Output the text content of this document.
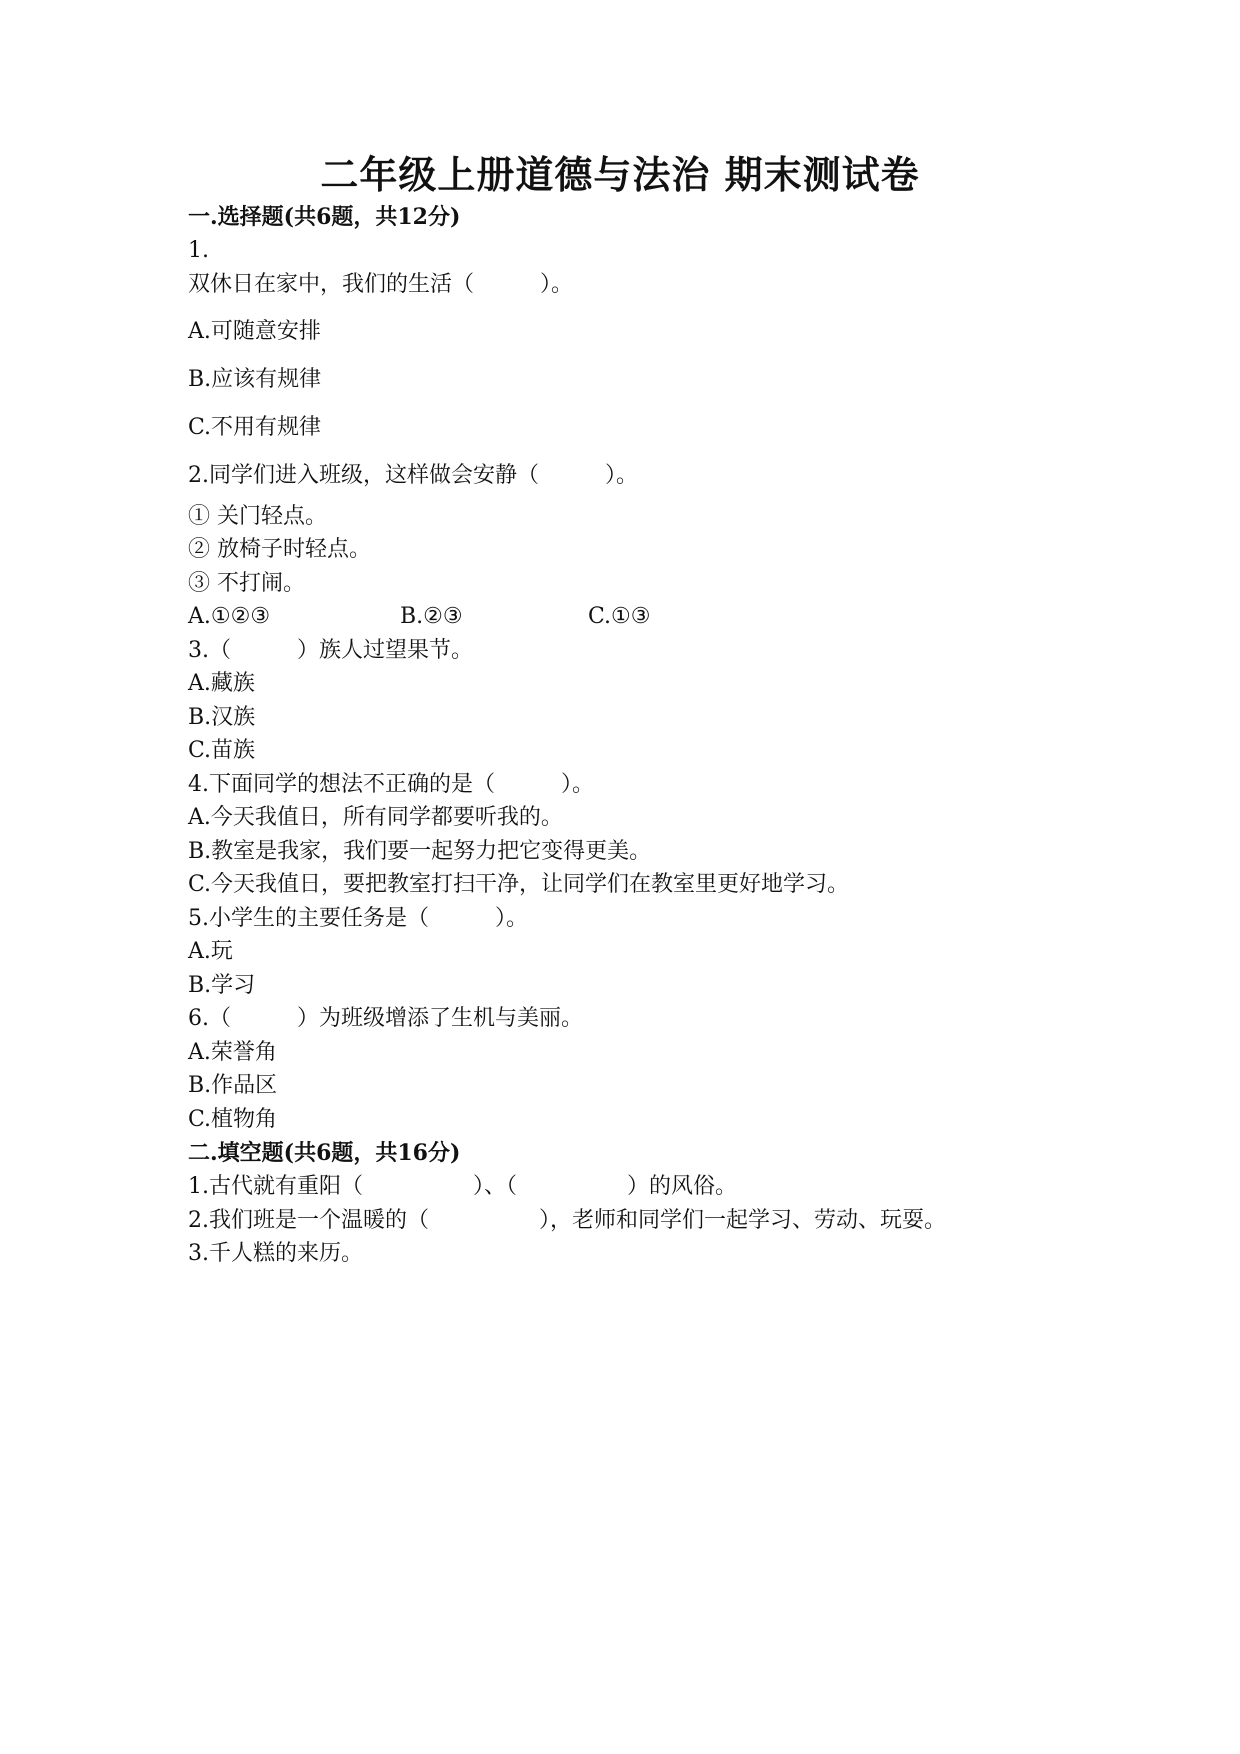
二年级上册道德与法治 期末测试卷
一.选择题(共6题，共12分)
1.
双休日在家中，我们的生活（　　　）。
A.可随意安排
B.应该有规律
C.不用有规律
2.同学们进入班级，这样做会安静（　　　）。
① 关门轻点。
② 放椅子时轻点。
③ 不打闹。
A.①②③	B.②③	C.①③
3.（　　　）族人过望果节。
A.藏族
B.汉族
C.苗族
4.下面同学的想法不正确的是（　　　）。
A.今天我值日，所有同学都要听我的。
B.教室是我家，我们要一起努力把它变得更美。
C.今天我值日，要把教室打扫干净，让同学们在教室里更好地学习。
5.小学生的主要任务是（　　　）。
A.玩
B.学习
6.（　　　）为班级增添了生机与美丽。
A.荣誉角
B.作品区
C.植物角
二.填空题(共6题，共16分)
1.古代就有重阳（　　　　　）、（　　　　　）的风俗。
2.我们班是一个温暖的（　　　　　），老师和同学们一起学习、劳动、玩耍。
3.千人糕的来历。
